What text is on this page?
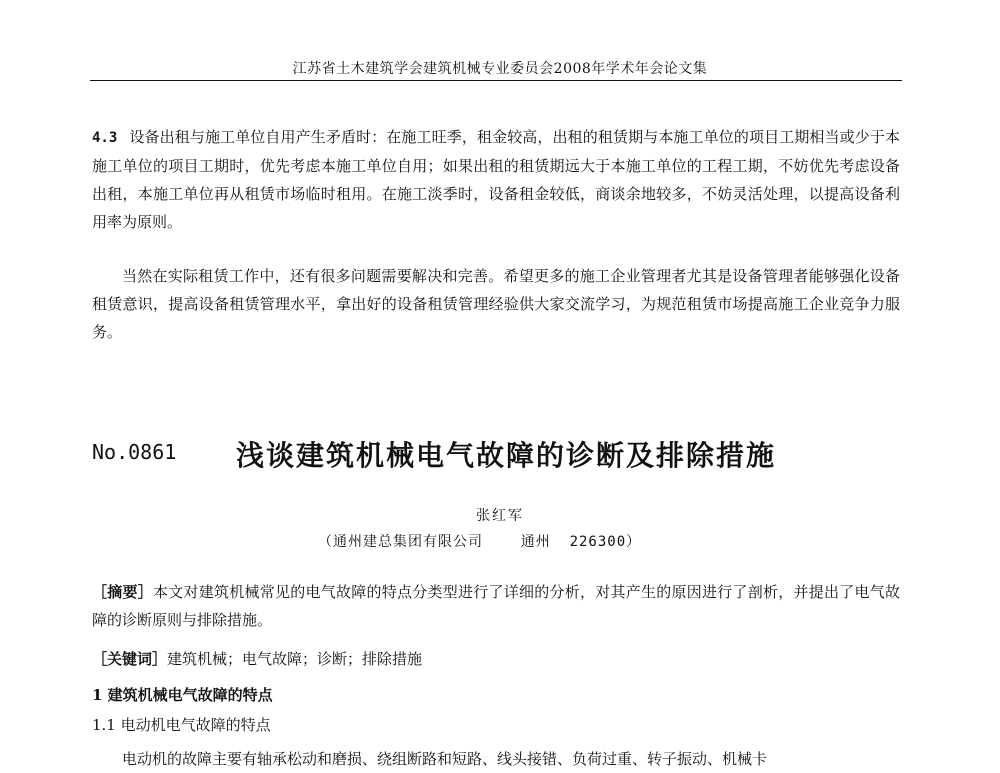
江苏省土木建筑学会建筑机械专业委员会2008年学术年会论文集

4.3 设备出租与施工单位自用产生矛盾时：在施工旺季，租金较高，出租的租赁期与本施工单位的项目工期相当或少于本施工单位的项目工期时，优先考虑本施工单位自用；如果出租的租赁期远大于本施工单位的工程工期，不妨优先考虑设备出租，本施工单位再从租赁市场临时租用。在施工淡季时，设备租金较低，商谈余地较多，不妨灵活处理，以提高设备利用率为原则。

当然在实际租赁工作中，还有很多问题需要解决和完善。希望更多的施工企业管理者尤其是设备管理者能够强化设备租赁意识，提高设备租赁管理水平，拿出好的设备租赁管理经验供大家交流学习，为规范租赁市场提高施工企业竞争力服务。

No.0861 浅谈建筑机械电气故障的诊断及排除措施
张红军
（通州建总集团有限公司    通州  226300）

［摘要］本文对建筑机械常见的电气故障的特点分类型进行了详细的分析，对其产生的原因进行了剖析，并提出了电气故障的诊断原则与排除措施。

［关键词］建筑机械；电气故障；诊断；排除措施
1 建筑机械电气故障的特点
1.1 电动机电气故障的特点
电动机的故障主要有轴承松动和磨损、绕组断路和短路、线头接错、负荷过重、转子振动、机械卡
